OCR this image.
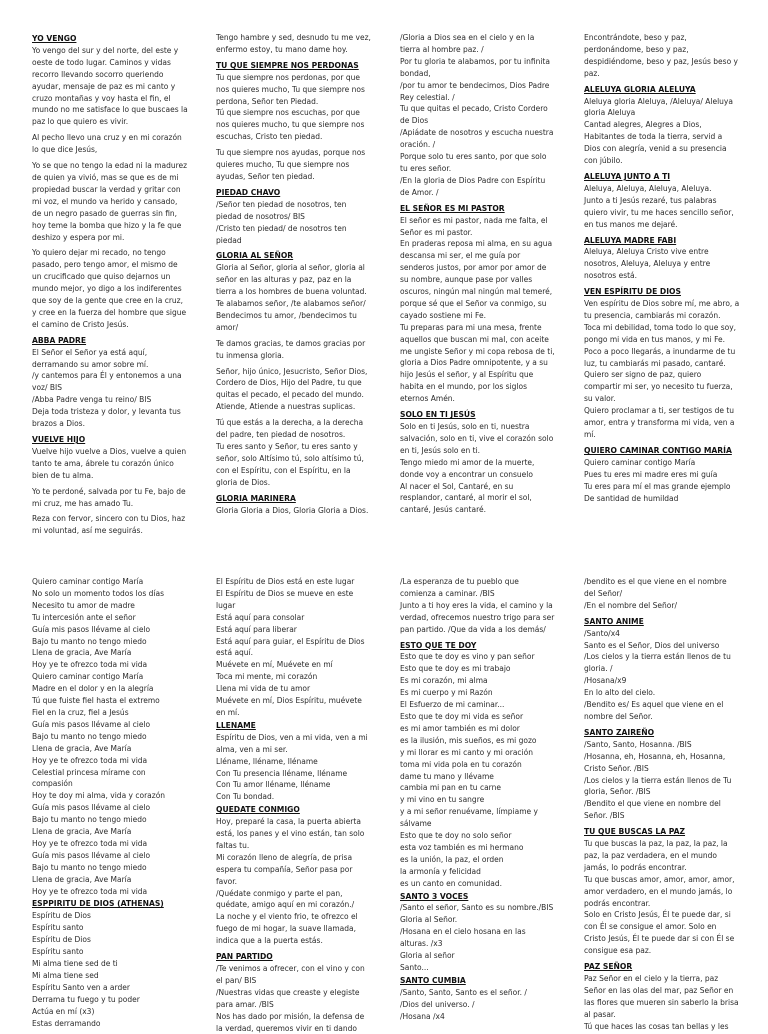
YO VENGO
Yo vengo del sur y del norte, del este y oeste de todo lugar. Caminos y vidas recorro llevando socorro queriendo ayudar, mensaje de paz es mi canto y cruzo montañas y voy hasta el fin, el mundo no me satisface lo que buscaes la paz lo que quiero es vivir.
Al pecho llevo una cruz y en mi corazón lo que dice Jesús,
Yo se que no tengo la edad ni la madurez de quien ya vivió, mas se que es de mi propiedad buscar la verdad y gritar con mi voz, el mundo va herido y cansado, de un negro pasado de guerras sin fin, hoy teme la bomba que hizo y la fe que deshizo y espera por mi.
Yo quiero dejar mi recado, no tengo pasado, pero tengo amor, el mismo de un crucificado que quiso dejarnos un mundo mejor, yo digo a los indiferentes que soy de la gente que cree en la cruz, y cree en la fuerza del hombre que sigue el camino de Cristo Jesús.
ABBA PADRE
El Señor el Señor ya está aquí, derramando su amor sobre mí.
/y cantemos para Él y entonemos a una voz/ BIS
/Abba Padre venga tu reino/ BIS
Deja toda tristeza y dolor, y levanta tus brazos a Dios.
VUELVE HIJO
Vuelve hijo vuelve a Dios, vuelve a quien tanto te ama, ábrele tu corazón único bien de tu alma.
Yo te perdoné, salvada por tu Fe, bajo de mi cruz, me has amado Tu.
Reza con fervor, sincero con tu Dios, haz mi voluntad, así me seguirás.
Tengo hambre y sed, desnudo tu me vez, enfermo estoy, tu mano dame hoy.
TU QUE SIEMPRE NOS PERDONAS
Tu que siempre nos perdonas, por que nos quieres mucho, Tu que siempre nos perdona, Señor ten Piedad.
Tú que siempre nos escuchas, por que nos quieres mucho, tu que siempre nos escuchas, Cristo ten piedad.
Tu que siempre nos ayudas, porque nos quieres mucho, Tu que siempre nos ayudas, Señor ten piedad.
PIEDAD CHAVO
/Señor ten piedad de nosotros, ten piedad de nosotros/ BIS
/Cristo ten piedad/ de nosotros ten piedad
GLORIA AL SEÑOR
Gloria al Señor, gloria al señor, gloria al señor en las alturas y paz, paz en la tierra a los hombres de buena voluntad.
Te alabamos señor, /te alabamos señor/ Bendecimos tu amor, /bendecimos tu amor/
Te damos gracias, te damos gracias por tu inmensa gloria.
Señor, hijo único, Jesucristo, Señor Dios, Cordero de Dios, Hijo del Padre, tu que quitas el pecado, el pecado del mundo. Atiende, Atiende a nuestras suplicas.
Tú que estás a la derecha, a la derecha del padre, ten piedad de nosotros.
Tu eres santo y Señor, tu eres santo y señor, solo Altísimo tú, solo altísimo tú, con el Espíritu, con el Espíritu, en la gloria de Dios.
GLORIA MARINERA
Gloria Gloria a Dios, Gloria Gloria a Dios.
/Gloria a Dios sea en el cielo y en la tierra al hombre paz. /
Por tu gloria te alabamos, por tu infinita bondad,
/por tu amor te bendecimos, Dios Padre Rey celestial. /
Tu que quitas el pecado, Cristo Cordero de Dios
/Apiádate de nosotros y escucha nuestra oración. /
Porque solo tu eres santo, por que solo tu eres señor.
/En la gloria de Dios Padre con Espíritu de Amor. /
EL SEÑOR ES MI PASTOR
El señor es mi pastor, nada me falta, el Señor es mi pastor.
En praderas reposa mi alma, en su agua descansa mi ser, el me guía por senderos justos, por amor por amor de su nombre, aunque pase por valles oscuros, ningún mal ningún mal temeré, porque sé que el Señor va conmigo, su cayado sostiene mi Fe.
Tu preparas para mi una mesa, frente aquellos que buscan mi mal, con aceite me ungiste Señor y mi copa rebosa de ti, gloria a Dios Padre omnipotente, y a su hijo Jesús el señor, y al Espíritu que habita en el mundo, por los siglos eternos Amén.
SOLO EN TI JESÚS
Solo en ti Jesús, solo en ti, nuestra salvación, solo en ti, vive el corazón solo en ti, Jesús solo en ti.
Tengo miedo mi amor de la muerte, donde voy a encontrar un consuelo
Al nacer el Sol, Cantaré, en su resplandor, cantaré, al morir el sol, cantaré, Jesús cantaré.
Encontrándote, beso y paz, perdonándome, beso y paz, despidiéndome, beso y paz, Jesús beso y paz.
ALELUYA GLORIA ALELUYA
Aleluya gloria Aleluya, /Aleluya/ Aleluya gloria Aleluya
Cantad alegres, Alegres a Dios, Habitantes de toda la tierra, servid a Dios con alegría, venid a su presencia con júbilo.
ALELUYA JUNTO A TI
Aleluya, Aleluya, Aleluya, Aleluya.
Junto a ti Jesús rezaré, tus palabras quiero vivir, tu me haces sencillo señor, en tus manos me dejaré.
ALELUYA MADRE FABI
Aleluya, Aleluya Cristo vive entre nosotros, Aleluya, Aleluya y entre nosotros está.
VEN ESPÍRITU DE DIOS
Ven espíritu de Dios sobre mí, me abro, a tu presencia, cambiarás mi corazón.
Toca mi debilidad, toma todo lo que soy, pongo mi vida en tus manos, y mi Fe.
Poco a poco llegarás, a inundarme de tu luz, tu cambiarás mi pasado, cantaré.
Quiero ser signo de paz, quiero compartir mi ser, yo necesito tu fuerza, su valor.
Quiero proclamar a ti, ser testigos de tu amor, entra y transforma mi vida, ven a mí.
QUIERO CAMINAR CONTIGO MARÍA
Quiero caminar contigo María
Pues tu eres mi madre eres mi guía
Tu eres para mí el mas grande ejemplo
De santidad de humildad
Quiero caminar contigo María
No solo un momento todos los días
Necesito tu amor de madre
Tu intercesión ante el señor
Guía mis pasos llévame al cielo
Bajo tu manto no tengo miedo
Llena de gracia, Ave María
Hoy ye te ofrezco toda mi vida
Quiero caminar contigo María
Madre en el dolor y en la alegría
Tú que fuiste fiel hasta el extremo
Fiel en la cruz, fiel a Jesús
Guía mis pasos llévame al cielo
Bajo tu manto no tengo miedo
Llena de gracia, Ave María
Hoy ye te ofrezco toda mi vida
Celestial princesa mírame con compasión
Hoy te doy mi alma, vida y corazón
Guía mis pasos llévame al cielo
Bajo tu manto no tengo miedo
Llena de gracia, Ave María
Hoy ye te ofrezco toda mi vida
Guía mis pasos llévame al cielo
Bajo tu manto no tengo miedo
Llena de gracia, Ave María
Hoy ye te ofrezco toda mi vida
ESPPIRITU DE DIOS (ATHENAS)
Espíritu de Dios
Espíritu santo
Espíritu de Dios
Espíritu santo
Mi alma tiene sed de ti
Mi alma tiene sed
Espíritu Santo ven a arder
Derrama tu fuego y tu poder
Actúa en mí (x3)
Estas derramando
El Espíritu de Dios está en este lugar
El Espíritu de Dios se mueve en este lugar
Está aquí para consolar
Está aquí para liberar
Está aquí para guiar, el Espíritu de Dios está aquí.
Muévete en mí, Muévete en mí
Toca mi mente, mi corazón
Llena mi vida de tu amor
Muévete en mí, Dios Espíritu, muévete en mí.
LLENAME
Espíritu de Dios, ven a mi vida, ven a mi alma, ven a mi ser.
Lléname, lléname, lléname
Con Tu presencia lléname, lléname
Con Tu amor lléname, lléname
Con Tu bondad.
QUEDATE CONMIGO
Hoy, preparé la casa, la puerta abierta está, los panes y el vino están, tan solo faltas tu.
Mi corazón lleno de alegría, de prisa espera tu compañía, Señor pasa por favor.
/Quédate conmigo y parte el pan, quédate, amigo aquí en mi corazón./
La noche y el viento frio, te ofrezco el fuego de mi hogar, la suave llamada, indica que a la puerta estás.
PAN PARTIDO
/Te venimos a ofrecer, con el vino y con el pan/ BIS
/Nuestras vidas que creaste y elegiste para amar. /BIS
Nos has dado por misión, la defensa de la verdad, queremos vivir en ti dando
/La esperanza de tu pueblo que comienza a caminar. /BIS
Junto a ti hoy eres la vida, el camino y la verdad, ofrecemos nuestro trigo para ser pan partido. /Que da vida a los demás/
ESTO QUE TE DOY
Esto que te doy es vino y pan señor
Esto que te doy es mi trabajo
Es mi corazón, mi alma
Es mi cuerpo y mi Razón
El Esfuerzo de mi caminar...
Esto que te doy mi vida es señor
es mi amor también es mi dolor
es la ilusión, mis sueños, es mi gozo
y mi llorar es mi canto y mi oración
toma mi vida pola en tu corazón
dame tu mano y llévame
cambia mi pan en tu carne
y mi vino en tu sangre
y a mi señor renuévame, límpiame y sálvame
Esto que te doy no solo señor
esta voz también es mi hermano
es la unión, la paz, el orden
la armonía y felicidad
es un canto en comunidad.
SANTO 3 VOCES
/Santo el señor, Santo es su nombre./BIS
Gloria al Señor.
/Hosana en el cielo hosana en las alturas. /x3
Gloria al señor
Santo...
SANTO CUMBIA
/Santo, Santo, Santo es el señor. /
/Dios del universo. /
/Hosana /x4
/bendito es el que viene en el nombre del Señor/
/En el nombre del Señor/
SANTO ANIME
/Santo/x4
Santo es el Señor, Dios del universo
/Los cielos y la tierra están llenos de tu gloria. /
/Hosana/x9
En lo alto del cielo.
/Bendito es/ Es aquel que viene en el nombre del Señor.
SANTO ZAIREÑO
/Santo, Santo, Hosanna. /BIS
/Hosanna, eh, Hosanna, eh, Hosanna, Cristo Señor. /BIS
/Los cielos y la tierra están llenos de Tu gloria, Señor. /BIS
/Bendito el que viene en nombre del Señor. /BIS
TU QUE BUSCAS LA PAZ
Tu que buscas la paz, la paz, la paz, la paz, la paz verdadera, en el mundo jamás, lo podrás encontrar.
Tu que buscas amor, amor, amor, amor, amor verdadero, en el mundo jamás, lo podrás encontrar.
Solo en Cristo Jesús, Él te puede dar, si con Él se consigue el amor. Solo en Cristo Jesús, Él te puede dar si con Él se consigue esa paz.
PAZ SEÑOR
Paz Señor en el cielo y la tierra, paz Señor en las olas del mar, paz Señor en las flores que mueren sin saberlo la brisa al pasar.
Tú que haces las cosas tan bellas y les
